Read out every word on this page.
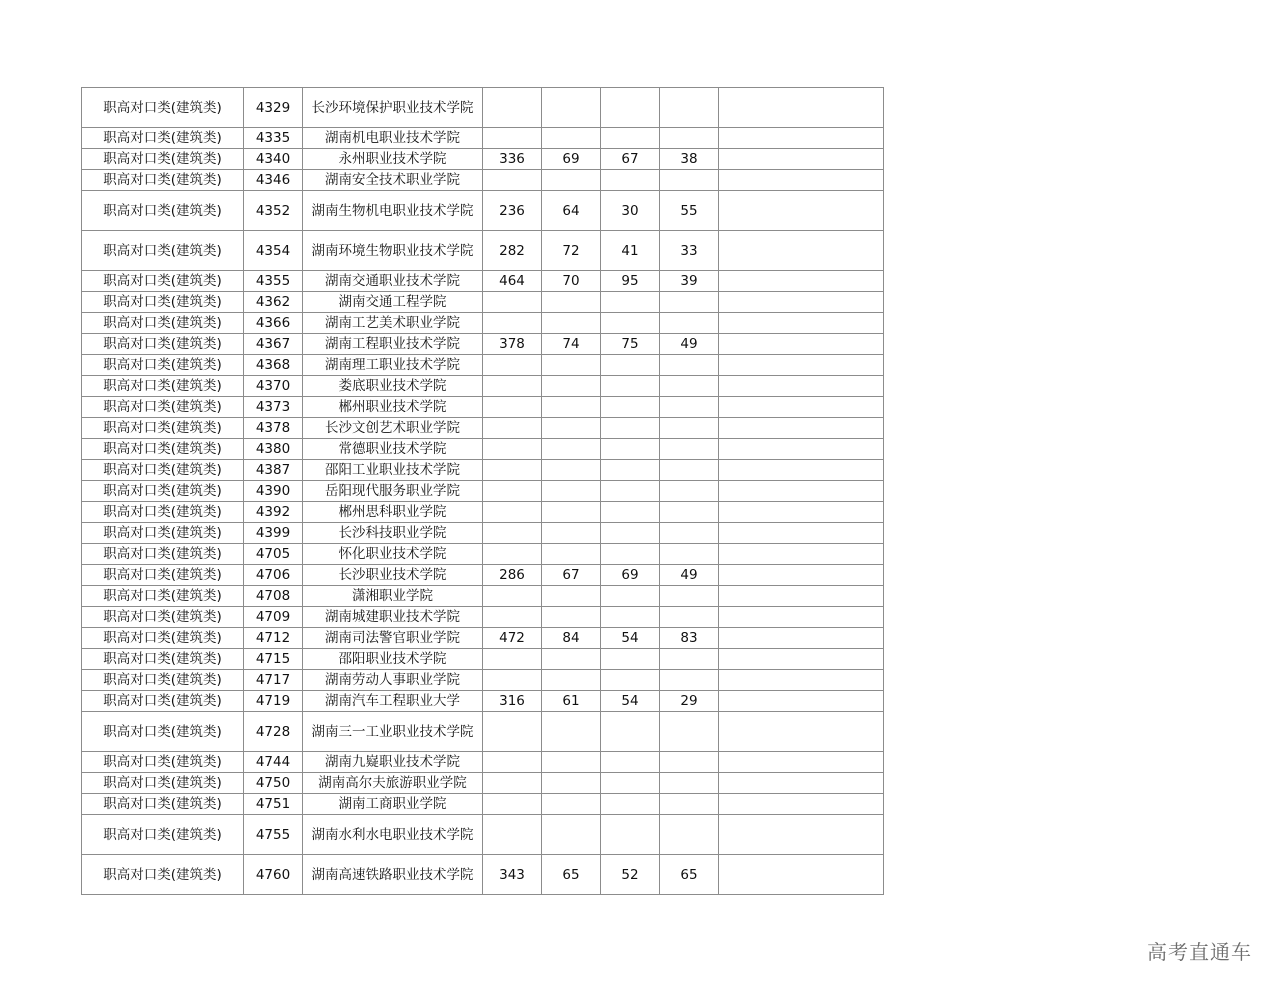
职高对口类(建筑类)	4329	长沙环境保护职业技术学院					
职高对口类(建筑类)	4335	湖南机电职业技术学院					
职高对口类(建筑类)	4340	永州职业技术学院	336	69	67	38	
职高对口类(建筑类)	4346	湖南安全技术职业学院					
职高对口类(建筑类)	4352	湖南生物机电职业技术学院	236	64	30	55	
职高对口类(建筑类)	4354	湖南环境生物职业技术学院	282	72	41	33	
职高对口类(建筑类)	4355	湖南交通职业技术学院	464	70	95	39	
职高对口类(建筑类)	4362	湖南交通工程学院					
职高对口类(建筑类)	4366	湖南工艺美术职业学院					
职高对口类(建筑类)	4367	湖南工程职业技术学院	378	74	75	49	
职高对口类(建筑类)	4368	湖南理工职业技术学院					
职高对口类(建筑类)	4370	娄底职业技术学院					
职高对口类(建筑类)	4373	郴州职业技术学院					
职高对口类(建筑类)	4378	长沙文创艺术职业学院					
职高对口类(建筑类)	4380	常德职业技术学院					
职高对口类(建筑类)	4387	邵阳工业职业技术学院					
职高对口类(建筑类)	4390	岳阳现代服务职业学院					
职高对口类(建筑类)	4392	郴州思科职业学院					
职高对口类(建筑类)	4399	长沙科技职业学院					
职高对口类(建筑类)	4705	怀化职业技术学院					
职高对口类(建筑类)	4706	长沙职业技术学院	286	67	69	49	
职高对口类(建筑类)	4708	潇湘职业学院					
职高对口类(建筑类)	4709	湖南城建职业技术学院					
职高对口类(建筑类)	4712	湖南司法警官职业学院	472	84	54	83	
职高对口类(建筑类)	4715	邵阳职业技术学院					
职高对口类(建筑类)	4717	湖南劳动人事职业学院					
职高对口类(建筑类)	4719	湖南汽车工程职业大学	316	61	54	29	
职高对口类(建筑类)	4728	湖南三一工业职业技术学院					
职高对口类(建筑类)	4744	湖南九嶷职业技术学院					
职高对口类(建筑类)	4750	湖南高尔夫旅游职业学院					
职高对口类(建筑类)	4751	湖南工商职业学院					
职高对口类(建筑类)	4755	湖南水利水电职业技术学院					
职高对口类(建筑类)	4760	湖南高速铁路职业技术学院	343	65	52	65	
高考直通车
